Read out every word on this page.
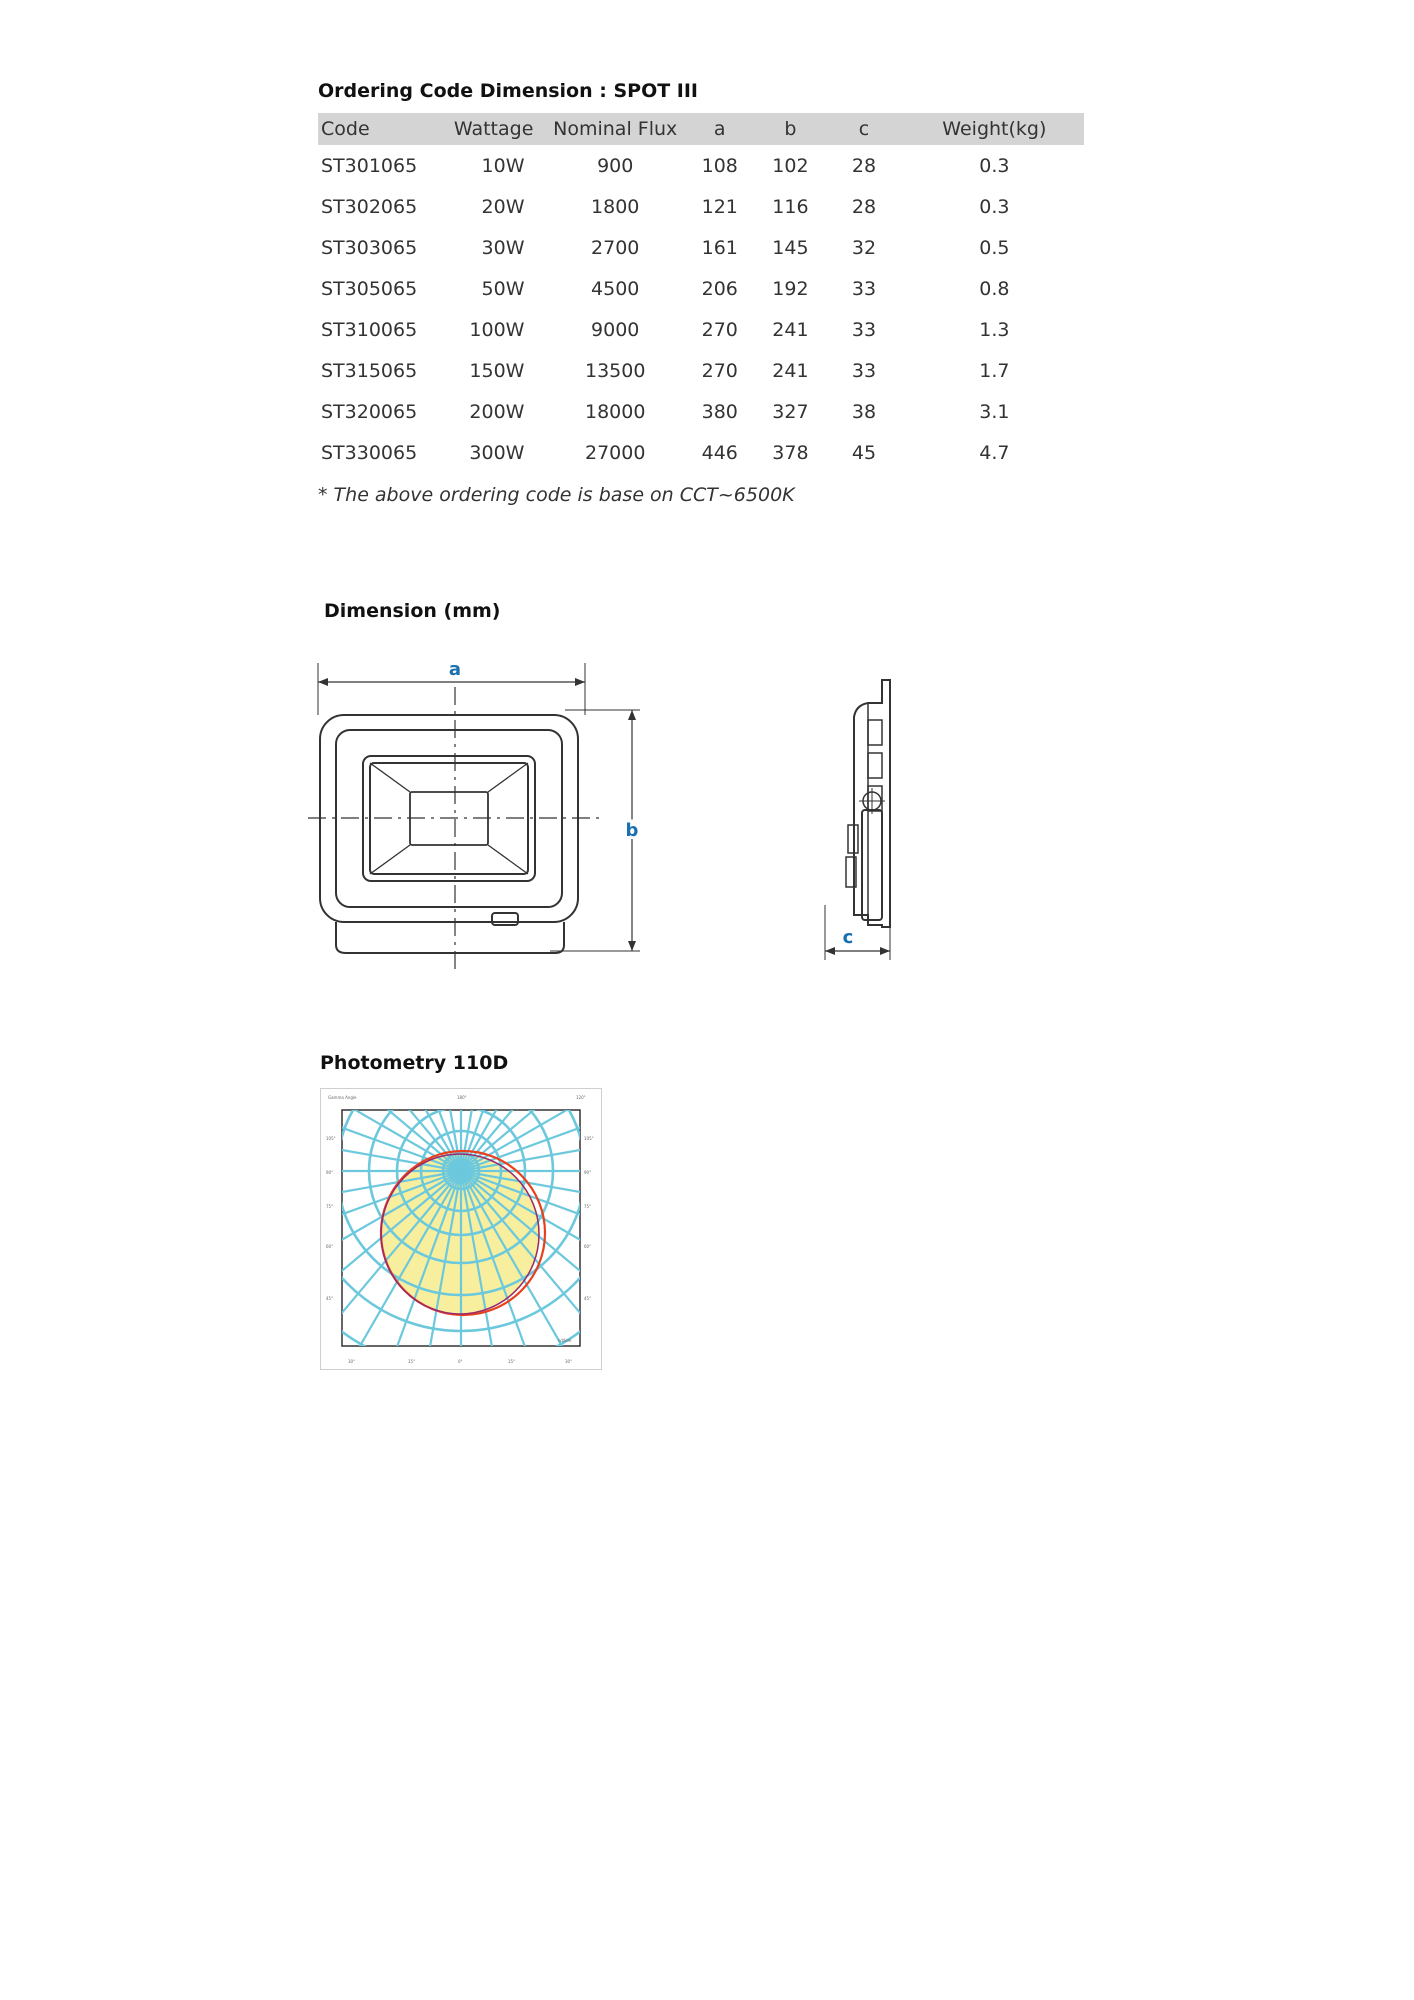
Ordering Code Dimension : SPOT III
Code	Wattage	Nominal Flux	a	b	c	Weight(kg)
ST301065	10W	900	108	102	28	0.3
ST302065	20W	1800	121	116	28	0.3
ST303065	30W	2700	161	145	32	0.5
ST305065	50W	4500	206	192	33	0.8
ST310065	100W	9000	270	241	33	1.3
ST315065	150W	13500	270	241	33	1.7
ST320065	200W	18000	380	327	38	3.1
ST330065	300W	27000	446	378	45	4.7
* The above ordering code is base on CCT~6500K
Dimension (mm)
a
b
c
Photometry 110D
Gamma Angle	180°	120°
105°	105°
90°	90°
75°	75°
60°	60°
45°	45°
30°	15°	0°	15°	30°
cd/klm
